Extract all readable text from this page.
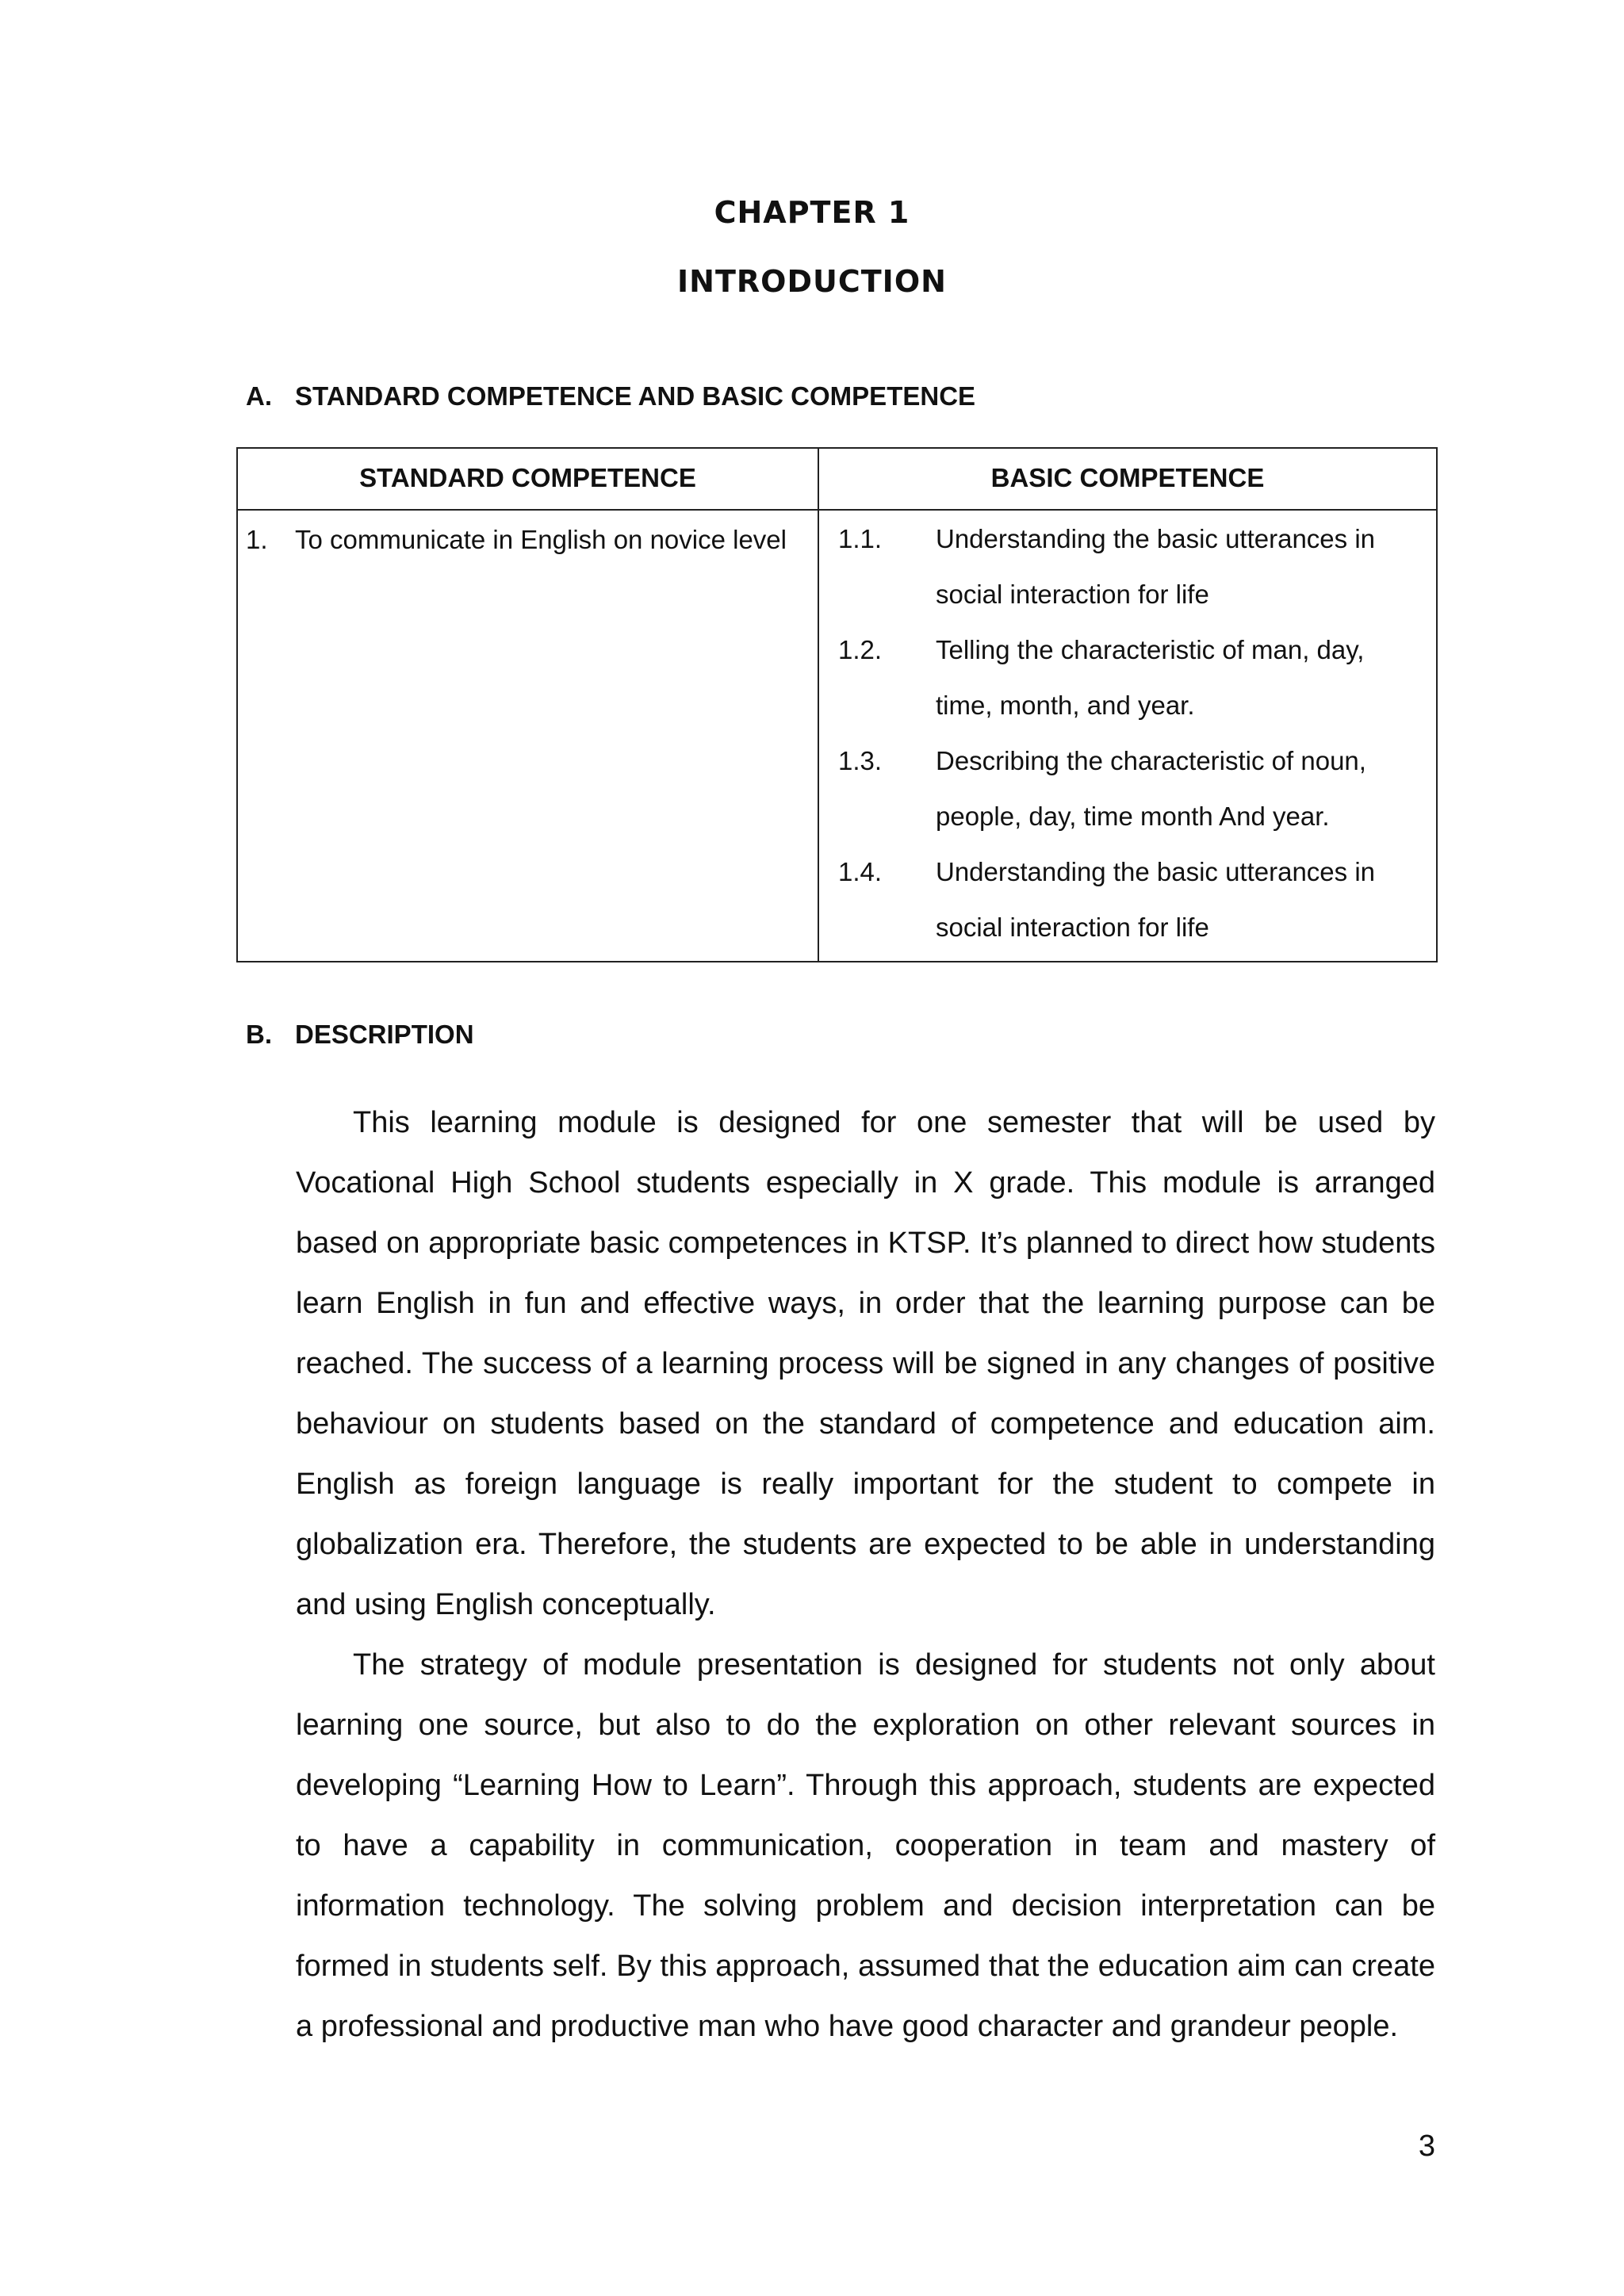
CHAPTER 1
INTRODUCTION
A. STANDARD COMPETENCE AND BASIC COMPETENCE
STANDARD COMPETENCE	BASIC COMPETENCE
1. To communicate in English on novice level	1.1. Understanding the basic utterances in social interaction for life
1.2. Telling the characteristic of man, day, time, month, and year.
1.3. Describing the characteristic of noun, people, day, time month And year.
1.4. Understanding the basic utterances in social interaction for life
B. DESCRIPTION

This learning module is designed for one semester that will be used by Vocational High School students especially in X grade. This module is arranged based on appropriate basic competences in KTSP. It’s planned to direct how students learn English in fun and effective ways, in order that the learning purpose can be reached. The success of a learning process will be signed in any changes of positive behaviour on students based on the standard of competence and education aim. English as foreign language is really important for the student to compete in globalization era. Therefore, the students are expected to be able in understanding and using English conceptually.

The strategy of module presentation is designed for students not only about learning one source, but also to do the exploration on other relevant sources in developing “Learning How to Learn”. Through this approach, students are expected to have a capability in communication, cooperation in team and mastery of information technology. The solving problem and decision interpretation can be formed in students self. By this approach, assumed that the education aim can create a professional and productive man who have good character and grandeur people.

3
